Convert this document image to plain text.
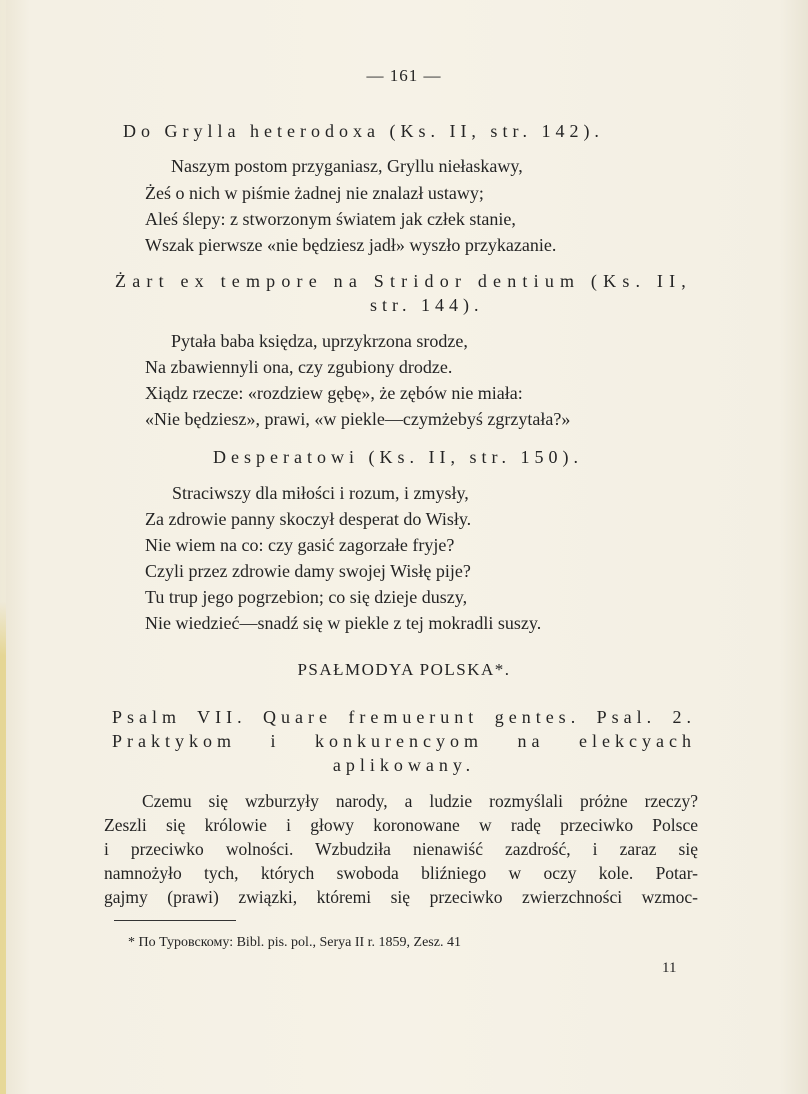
— 161 —
Do Grylla heterodoxa (Ks. II, str. 142).
Naszym postom przyganiasz, Gryllu niełaskawy,
Żeś o nich w piśmie żadnej nie znalazł ustawy;
Aleś ślepy: z stworzonym światem jak człek stanie,
Wszak pierwsze «nie będziesz jadł» wyszło przykazanie.
Żart ex tempore na Stridor dentium (Ks. II,
str. 144).
Pytała baba księdza, uprzykrzona srodze,
Na zbawiennyli ona, czy zgubiony drodze.
Xiądz rzecze: «rozdziew gębę», że zębów nie miała:
«Nie będziesz», prawi, «w piekle—czymżebyś zgrzytała?»
Desperatowi (Ks. II, str. 150).
Straciwszy dla miłości i rozum, i zmysły,
Za zdrowie panny skoczył desperat do Wisły.
Nie wiem na co: czy gasić zagorzałe fryje?
Czyli przez zdrowie damy swojej Wisłę pije?
Tu trup jego pogrzebion; co się dzieje duszy,
Nie wiedzieć—snadź się w piekle z tej mokradli suszy.
PSAŁMODYA POLSKA*.
Psalm VII. Quare fremuerunt gentes. Psal. 2.
Praktykom i konkurencyom na elekcyach
aplikowany.
Czemu się wzburzyły narody, a ludzie rozmyślali próżne rzeczy?
Zeszli się królowie i głowy koronowane w radę przeciwko Polsce
i przeciwko wolności. Wzbudziła nienawiść zazdrość, i zaraz się
namnożyło tych, których swoboda bliźniego w oczy kole. Potar-
gajmy (prawi) związki, któremi się przeciwko zwierzchności wzmoc-
* По Туровскому: Bibl. pis. pol., Serya II r. 1859, Zesz. 41
11
